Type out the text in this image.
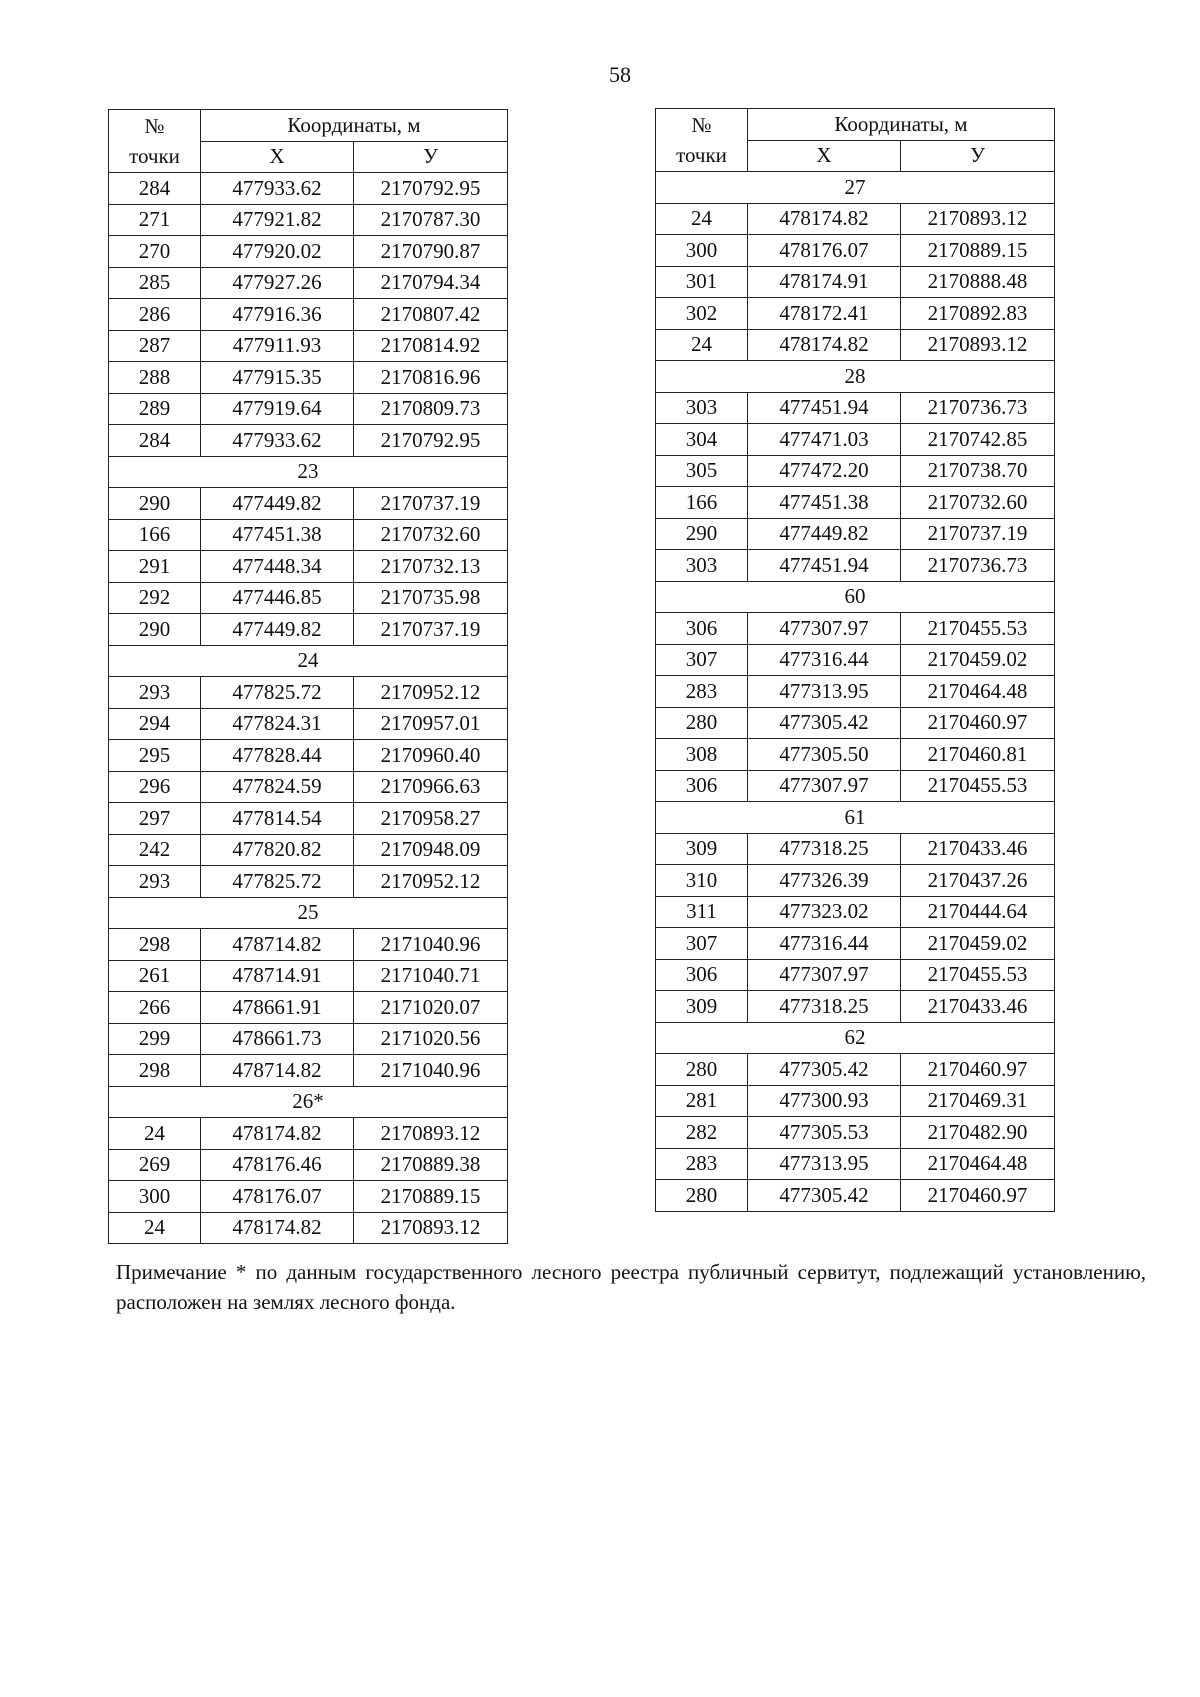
58
№
точки	Координаты, м	
	X	У
284	477933.62	2170792.95
271	477921.82	2170787.30
270	477920.02	2170790.87
285	477927.26	2170794.34
286	477916.36	2170807.42
287	477911.93	2170814.92
288	477915.35	2170816.96
289	477919.64	2170809.73
284	477933.62	2170792.95
23		
290	477449.82	2170737.19
166	477451.38	2170732.60
291	477448.34	2170732.13
292	477446.85	2170735.98
290	477449.82	2170737.19
24		
293	477825.72	2170952.12
294	477824.31	2170957.01
295	477828.44	2170960.40
296	477824.59	2170966.63
297	477814.54	2170958.27
242	477820.82	2170948.09
293	477825.72	2170952.12
25		
298	478714.82	2171040.96
261	478714.91	2171040.71
266	478661.91	2171020.07
299	478661.73	2171020.56
298	478714.82	2171040.96
26*		
24	478174.82	2170893.12
269	478176.46	2170889.38
300	478176.07	2170889.15
24	478174.82	2170893.12
№
точки	Координаты, м	
	X	У
27		
24	478174.82	2170893.12
300	478176.07	2170889.15
301	478174.91	2170888.48
302	478172.41	2170892.83
24	478174.82	2170893.12
28		
303	477451.94	2170736.73
304	477471.03	2170742.85
305	477472.20	2170738.70
166	477451.38	2170732.60
290	477449.82	2170737.19
303	477451.94	2170736.73
60		
306	477307.97	2170455.53
307	477316.44	2170459.02
283	477313.95	2170464.48
280	477305.42	2170460.97
308	477305.50	2170460.81
306	477307.97	2170455.53
61		
309	477318.25	2170433.46
310	477326.39	2170437.26
311	477323.02	2170444.64
307	477316.44	2170459.02
306	477307.97	2170455.53
309	477318.25	2170433.46
62		
280	477305.42	2170460.97
281	477300.93	2170469.31
282	477305.53	2170482.90
283	477313.95	2170464.48
280	477305.42	2170460.97
Примечание * по данным государственного лесного реестра публичный сервитут, подлежащий установлению, расположен на землях лесного фонда.
